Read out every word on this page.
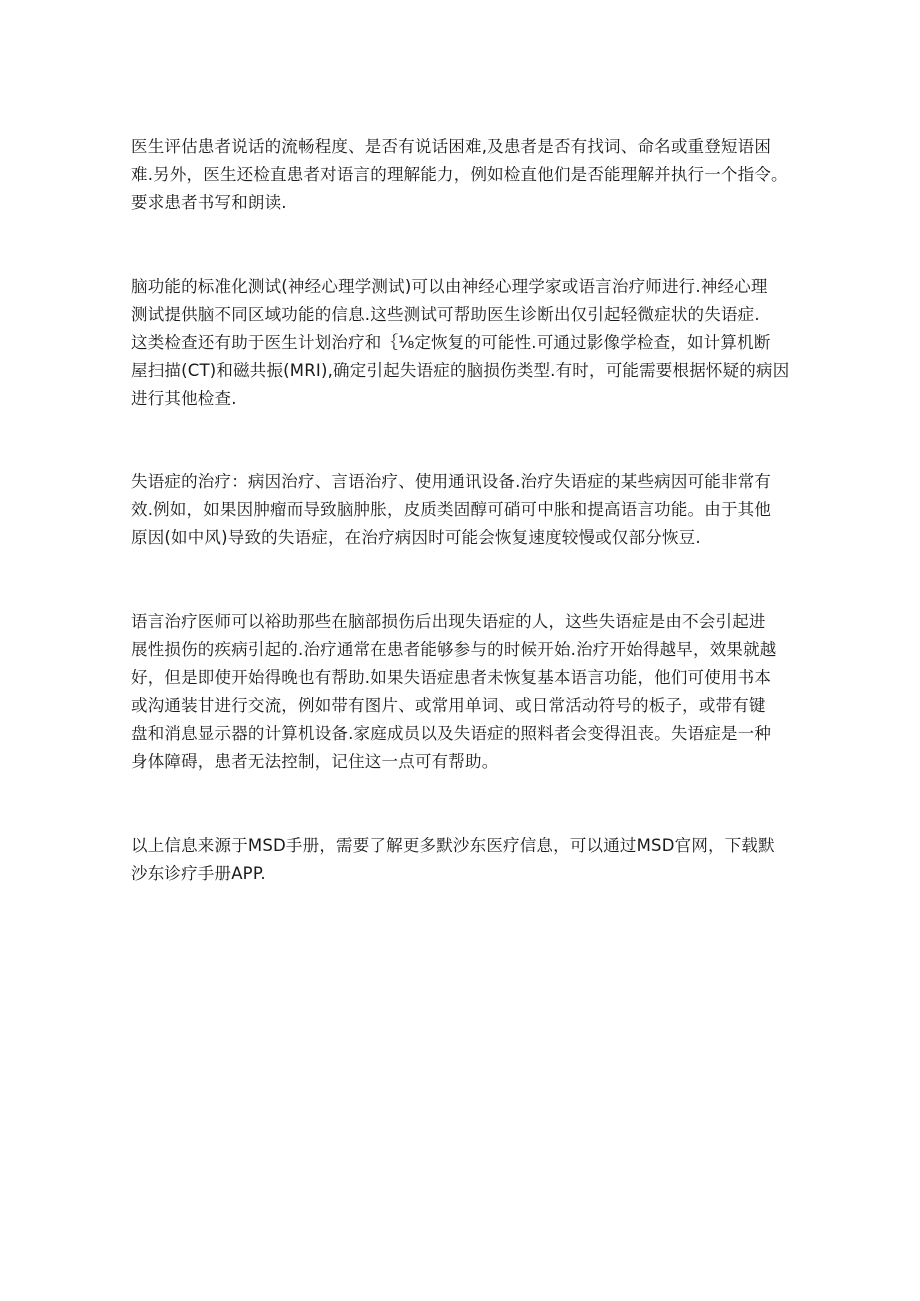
医生评估患者说话的流畅程度、是否有说话困难,及患者是否有找词、命名或重登短语困
难.另外，医生还检直患者对语言的理解能力，例如检直他们是否能理解并执行一个指令。
要求患者书写和朗读.

脑功能的标准化测试(神经心理学测试)可以由神经心理学家或语言治疗师进行.神经心理
测试提供脑不同区域功能的信息.这些测试可帮助医生诊断出仅引起轻微症状的失语症.
这类检查还有助于医生计划治疗和｛⅛定恢复的可能性.可通过影像学检查，如计算机断
屋扫描(CT)和磁共振(MRI),确定引起失语症的脑损伤类型.有时，可能需要根据怀疑的病因
进行其他检查.

失语症的治疗：病因治疗、言语治疗、使用通讯设备.治疗失语症的某些病因可能非常有
效.例如，如果因肿瘤而导致脑肿胀，皮质类固醇可硝可中胀和提高语言功能。由于其他
原因(如中风)导致的失语症，在治疗病因时可能会恢复速度较慢或仅部分恢豆.

语言治疗医师可以裕助那些在脑部损伤后出现失语症的人，这些失语症是由不会引起进
展性损伤的疾病引起的.治疗通常在患者能够参与的时候开始.治疗开始得越早，效果就越
好，但是即使开始得晚也有帮助.如果失语症患者未恢复基本语言功能，他们可使用书本
或沟通装甘进行交流，例如带有图片、或常用单词、或日常活动符号的板子，或带有键
盘和消息显示器的计算机设备.家庭成员以及失语症的照料者会变得沮丧。失语症是一种
身体障碍，患者无法控制，记住这一点可有帮助。

以上信息来源于MSD手册，需要了解更多默沙东医疗信息，可以通过MSD官网，下载默
沙东诊疗手册APP.
